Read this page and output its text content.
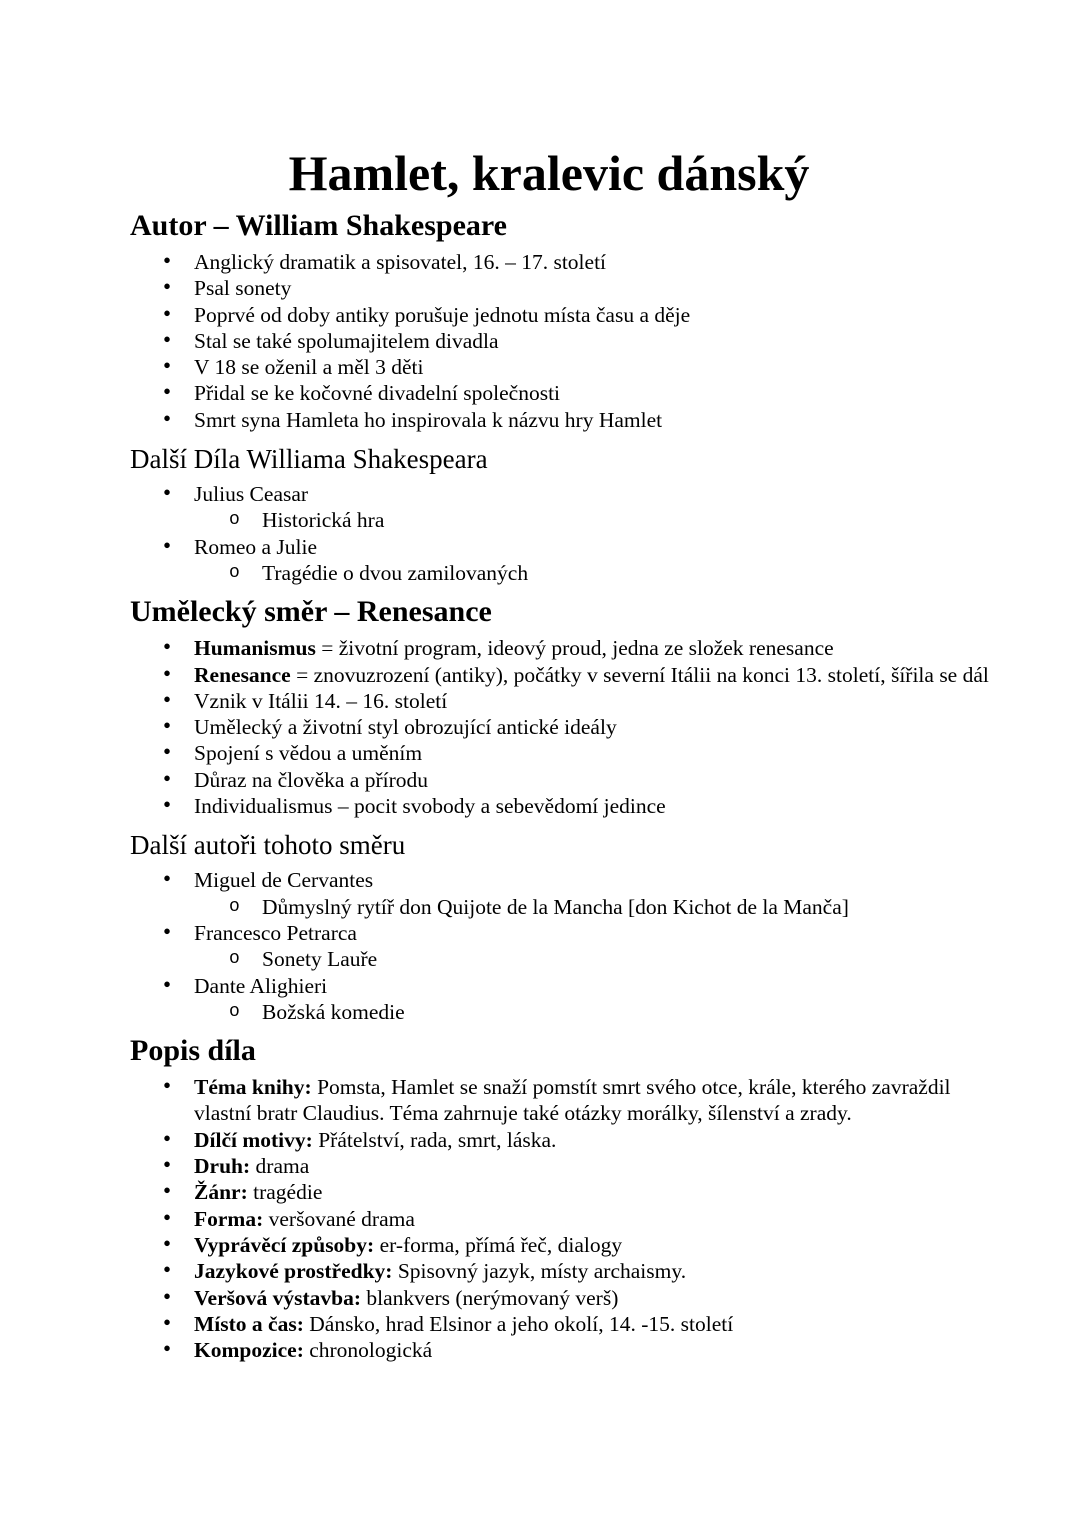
Hamlet, kralevic dánský
Autor – William Shakespeare
• Anglický dramatik a spisovatel, 16. – 17. století
• Psal sonety
• Poprvé od doby antiky porušuje jednotu místa času a děje
• Stal se také spolumajitelem divadla
• V 18 se oženil a měl 3 děti
• Přidal se ke kočovné divadelní společnosti
• Smrt syna Hamleta ho inspirovala k názvu hry Hamlet
Další Díla Williama Shakespeara
• Julius Ceasar
o Historická hra
• Romeo a Julie
o Tragédie o dvou zamilovaných
Umělecký směr – Renesance
• Humanismus = životní program, ideový proud, jedna ze složek renesance
• Renesance = znovuzrození (antiky), počátky v severní Itálii na konci 13. století, šířila se dál
• Vznik v Itálii 14. – 16. století
• Umělecký a životní styl obrozující antické ideály
• Spojení s vědou a uměním
• Důraz na člověka a přírodu
• Individualismus – pocit svobody a sebevědomí jedince
Další autoři tohoto směru
• Miguel de Cervantes
o Důmyslný rytíř don Quijote de la Mancha [don Kichot de la Manča]
• Francesco Petrarca
o Sonety Lauře
• Dante Alighieri
o Božská komedie
Popis díla
• Téma knihy: Pomsta, Hamlet se snaží pomstít smrt svého otce, krále, kterého zavraždil
vlastní bratr Claudius. Téma zahrnuje také otázky morálky, šílenství a zrady.
• Dílčí motivy: Přátelství, rada, smrt, láska.
• Druh: drama
• Žánr: tragédie
• Forma: veršované drama
• Vyprávěcí způsoby: er-forma, přímá řeč, dialogy
• Jazykové prostředky: Spisovný jazyk, místy archaismy.
• Veršová výstavba: blankvers (nerýmovaný verš)
• Místo a čas: Dánsko, hrad Elsinor a jeho okolí, 14. -15. století
• Kompozice: chronologická
